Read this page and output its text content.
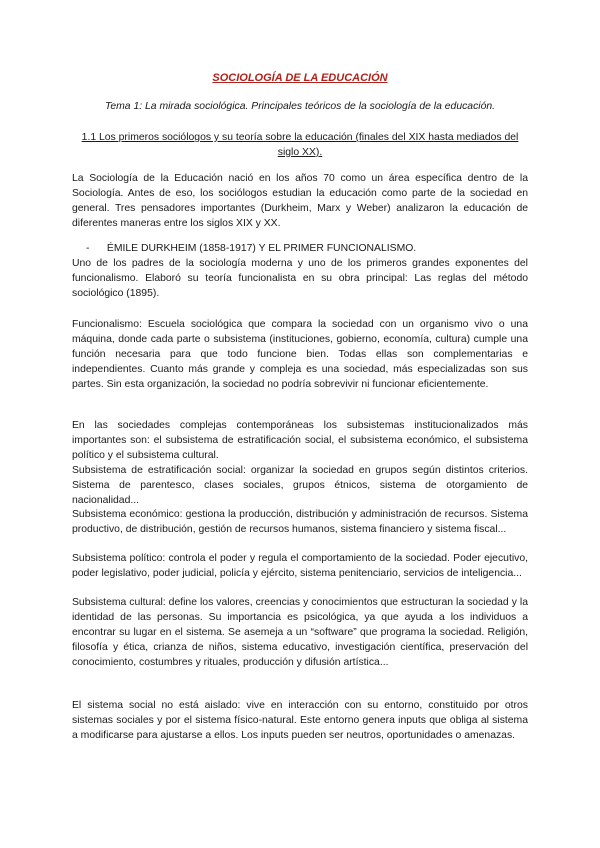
SOCIOLOGÍA DE LA EDUCACIÓN

Tema 1: La mirada sociológica. Principales teóricos de la sociología de la educación.

1.1 Los primeros sociólogos y su teoría sobre la educación (finales del XIX hasta mediados del siglo XX).

La Sociología de la Educación nació en los años 70 como un área específica dentro de la Sociología. Antes de eso, los sociólogos estudian la educación como parte de la sociedad en general. Tres pensadores importantes (Durkheim, Marx y Weber) analizaron la educación de diferentes maneras entre los siglos XIX y XX.

- ÉMILE DURKHEIM (1858-1917) Y EL PRIMER FUNCIONALISMO.

Uno de los padres de la sociología moderna y uno de los primeros grandes exponentes del funcionalismo. Elaboró su teoría funcionalista en su obra principal: Las reglas del método sociológico (1895).

Funcionalismo: Escuela sociológica que compara la sociedad con un organismo vivo o una máquina, donde cada parte o subsistema (instituciones, gobierno, economía, cultura) cumple una función necesaria para que todo funcione bien. Todas ellas son complementarias e independientes. Cuanto más grande y compleja es una sociedad, más especializadas son sus partes. Sin esta organización, la sociedad no podría sobrevivir ni funcionar eficientemente.

En las sociedades complejas contemporáneas los subsistemas institucionalizados más importantes son: el subsistema de estratificación social, el subsistema económico, el subsistema político y el subsistema cultural.

Subsistema de estratificación social: organizar la sociedad en grupos según distintos criterios. Sistema de parentesco, clases sociales, grupos étnicos, sistema de otorgamiento de nacionalidad...

Subsistema económico: gestiona la producción, distribución y administración de recursos. Sistema productivo, de distribución, gestión de recursos humanos, sistema financiero y sistema fiscal...

Subsistema político: controla el poder y regula el comportamiento de la sociedad. Poder ejecutivo, poder legislativo, poder judicial, policía y ejército, sistema penitenciario, servicios de inteligencia...

Subsistema cultural: define los valores, creencias y conocimientos que estructuran la sociedad y la identidad de las personas. Su importancia es psicológica, ya que ayuda a los individuos a encontrar su lugar en el sistema. Se asemeja a un “software” que programa la sociedad. Religión, filosofía y ética, crianza de niños, sistema educativo, investigación científica, preservación del conocimiento, costumbres y rituales, producción y difusión artística...

El sistema social no está aislado: vive en interacción con su entorno, constituido por otros sistemas sociales y por el sistema físico-natural. Este entorno genera inputs que obliga al sistema a modificarse para ajustarse a ellos. Los inputs pueden ser neutros, oportunidades o amenazas.
